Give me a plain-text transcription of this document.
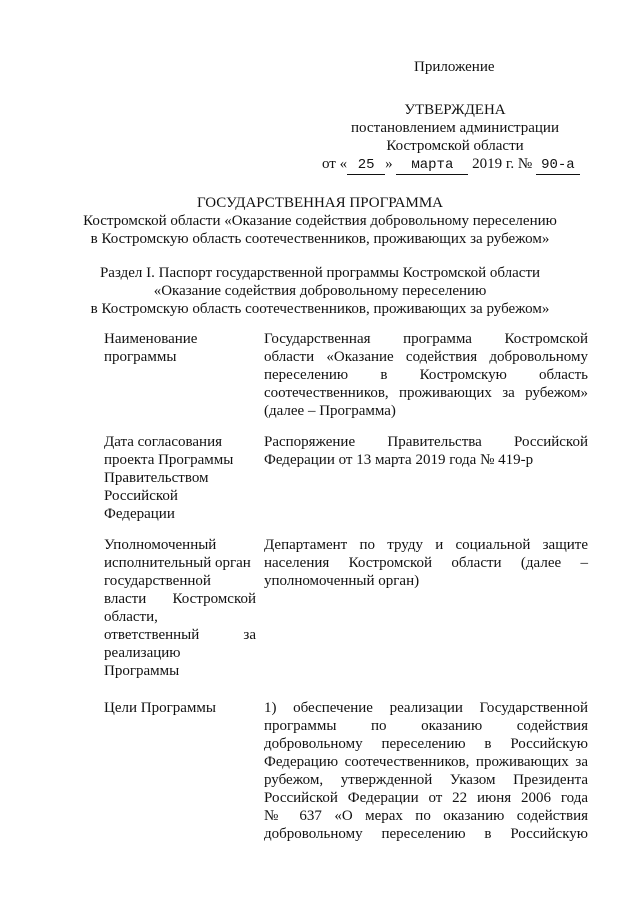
Приложение
УТВЕРЖДЕНА
постановлением администрации
Костромской области
от « 25 » марта 2019 г. № 90-а
ГОСУДАРСТВЕННАЯ ПРОГРАММА
Костромской области «Оказание содействия добровольному переселению
в Костромскую область соотечественников, проживающих за рубежом»
Раздел I. Паспорт государственной программы Костромской области
«Оказание содействия добровольному переселению
в Костромскую область соотечественников, проживающих за рубежом»
Наименование
программы
Государственная программа Костромской
области «Оказание содействия добровольному
переселению в Костромскую область
соотечественников, проживающих за рубежом»
(далее – Программа)
Дата согласования
проекта Программы
Правительством
Российской
Федерации
Распоряжение Правительства Российской
Федерации от 13 марта 2019 года № 419-р
Уполномоченный
исполнительный орган
государственной
власти Костромской
области,
ответственный за
реализацию
Программы
Департамент по труду и социальной защите
населения Костромской области (далее –
уполномоченный орган)
Цели Программы	1) обеспечение реализации Государственной
программы по оказанию содействия
добровольному переселению в Российскую
Федерацию соотечественников, проживающих за
рубежом, утвержденной Указом Президента
Российской Федерации от 22 июня 2006 года
№ 637 «О мерах по оказанию содействия
добровольному переселению в Российскую
